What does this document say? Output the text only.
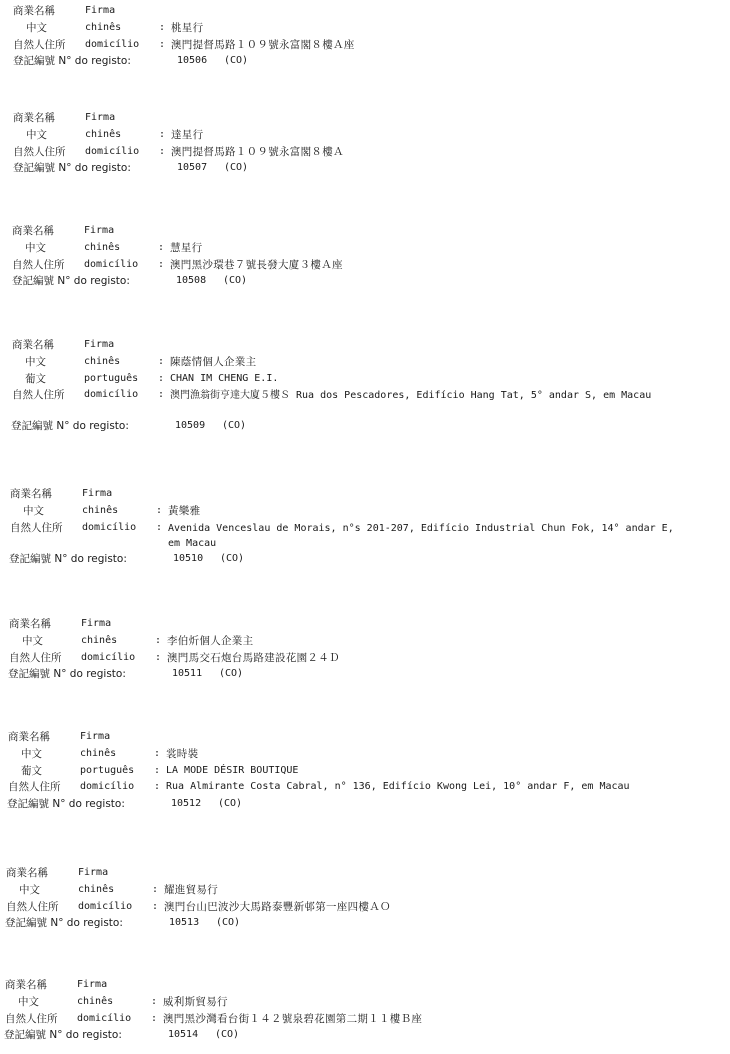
商業名稱	Firma
中文	chinês	: 桃星行
自然人住所 domicílio : 澳門提督馬路１０９號永富閣８樓Ａ座
登記編號 N° do registo:	10506 (CO)
商業名稱	Firma
中文	chinês	: 達星行
自然人住所 domicílio : 澳門提督馬路１０９號永富閣８樓Ａ
登記編號 N° do registo:	10507 (CO)
商業名稱	Firma
中文	chinês	: 慧星行
自然人住所 domicílio : 澳門黑沙環巷７號長發大廈３樓Ａ座
登記編號 N° do registo:	10508 (CO)
商業名稱	Firma
中文	chinês	: 陳蔭情個人企業主
葡文	português : CHAN IM CHENG E.I.
自然人住所 domicílio : 澳門漁翁街亨達大廈５樓Ｓ Rua dos Pescadores, Edifício Hang Tat, 5° andar S, em Macau
登記編號 N° do registo:	10509 (CO)
商業名稱	Firma
中文	chinês	: 黃樂雅
自然人住所 domicílio : Avenida Venceslau de Morais, n°s 201-207, Edifício Industrial Chun Fok, 14° andar E, em Macau
登記編號 N° do registo:	10510 (CO)
商業名稱	Firma
中文	chinês	: 李伯炘個人企業主
自然人住所 domicílio : 澳門馬交石炮台馬路建設花園２４Ｄ
登記編號 N° do registo:	10511 (CO)
商業名稱	Firma
中文	chinês	: 裳時裝
葡文	português : LA MODE DÉSIR BOUTIQUE
自然人住所 domicílio : Rua Almirante Costa Cabral, n° 136, Edifício Kwong Lei, 10° andar F, em Macau
登記編號 N° do registo:	10512 (CO)
商業名稱	Firma
中文	chinês	: 耀進貿易行
自然人住所 domicílio : 澳門台山巴波沙大馬路泰豐新邨第一座四樓ＡＯ
登記編號 N° do registo:	10513 (CO)
商業名稱	Firma
中文	chinês	: 威利斯貿易行
自然人住所 domicílio : 澳門黑沙灣看台街１４２號泉碧花園第二期１１樓Ｂ座
登記編號 N° do registo:	10514 (CO)
